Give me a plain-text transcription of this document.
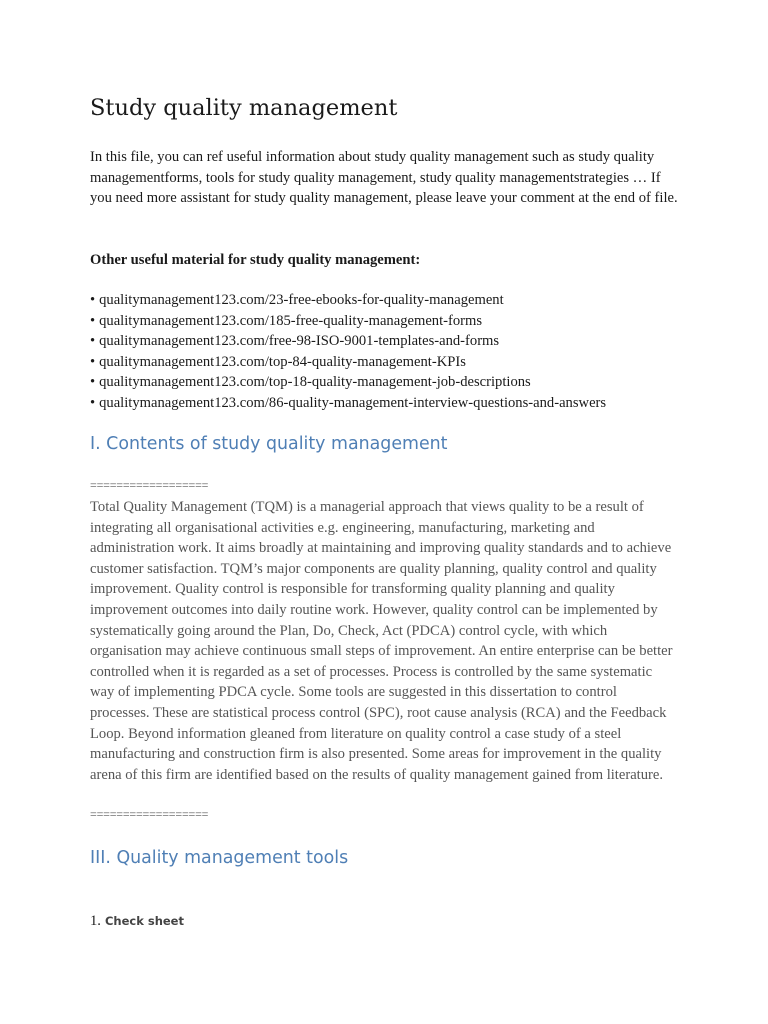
Study quality management

In this file, you can ref useful information about study quality management such as study quality managementforms, tools for study quality management, study quality managementstrategies … If you need more assistant for study quality management, please leave your comment at the end of file.

Other useful material for study quality management:

• qualitymanagement123.com/23-free-ebooks-for-quality-management
• qualitymanagement123.com/185-free-quality-management-forms
• qualitymanagement123.com/free-98-ISO-9001-templates-and-forms
• qualitymanagement123.com/top-84-quality-management-KPIs
• qualitymanagement123.com/top-18-quality-management-job-descriptions
• qualitymanagement123.com/86-quality-management-interview-questions-and-answers
I. Contents of study quality management
==================

Total Quality Management (TQM) is a managerial approach that views quality to be a result of integrating all organisational activities e.g. engineering, manufacturing, marketing and administration work. It aims broadly at maintaining and improving quality standards and to achieve customer satisfaction. TQM’s major components are quality planning, quality control and quality improvement. Quality control is responsible for transforming quality planning and quality improvement outcomes into daily routine work. However, quality control can be implemented by systematically going around the Plan, Do, Check, Act (PDCA) control cycle, with which organisation may achieve continuous small steps of improvement. An entire enterprise can be better controlled when it is regarded as a set of processes. Process is controlled by the same systematic way of implementing PDCA cycle. Some tools are suggested in this dissertation to control processes. These are statistical process control (SPC), root cause analysis (RCA) and the Feedback Loop. Beyond information gleaned from literature on quality control a case study of a steel manufacturing and construction firm is also presented. Some areas for improvement in the quality arena of this firm are identified based on the results of quality management gained from literature.

==================
III. Quality management tools

1. Check sheet
